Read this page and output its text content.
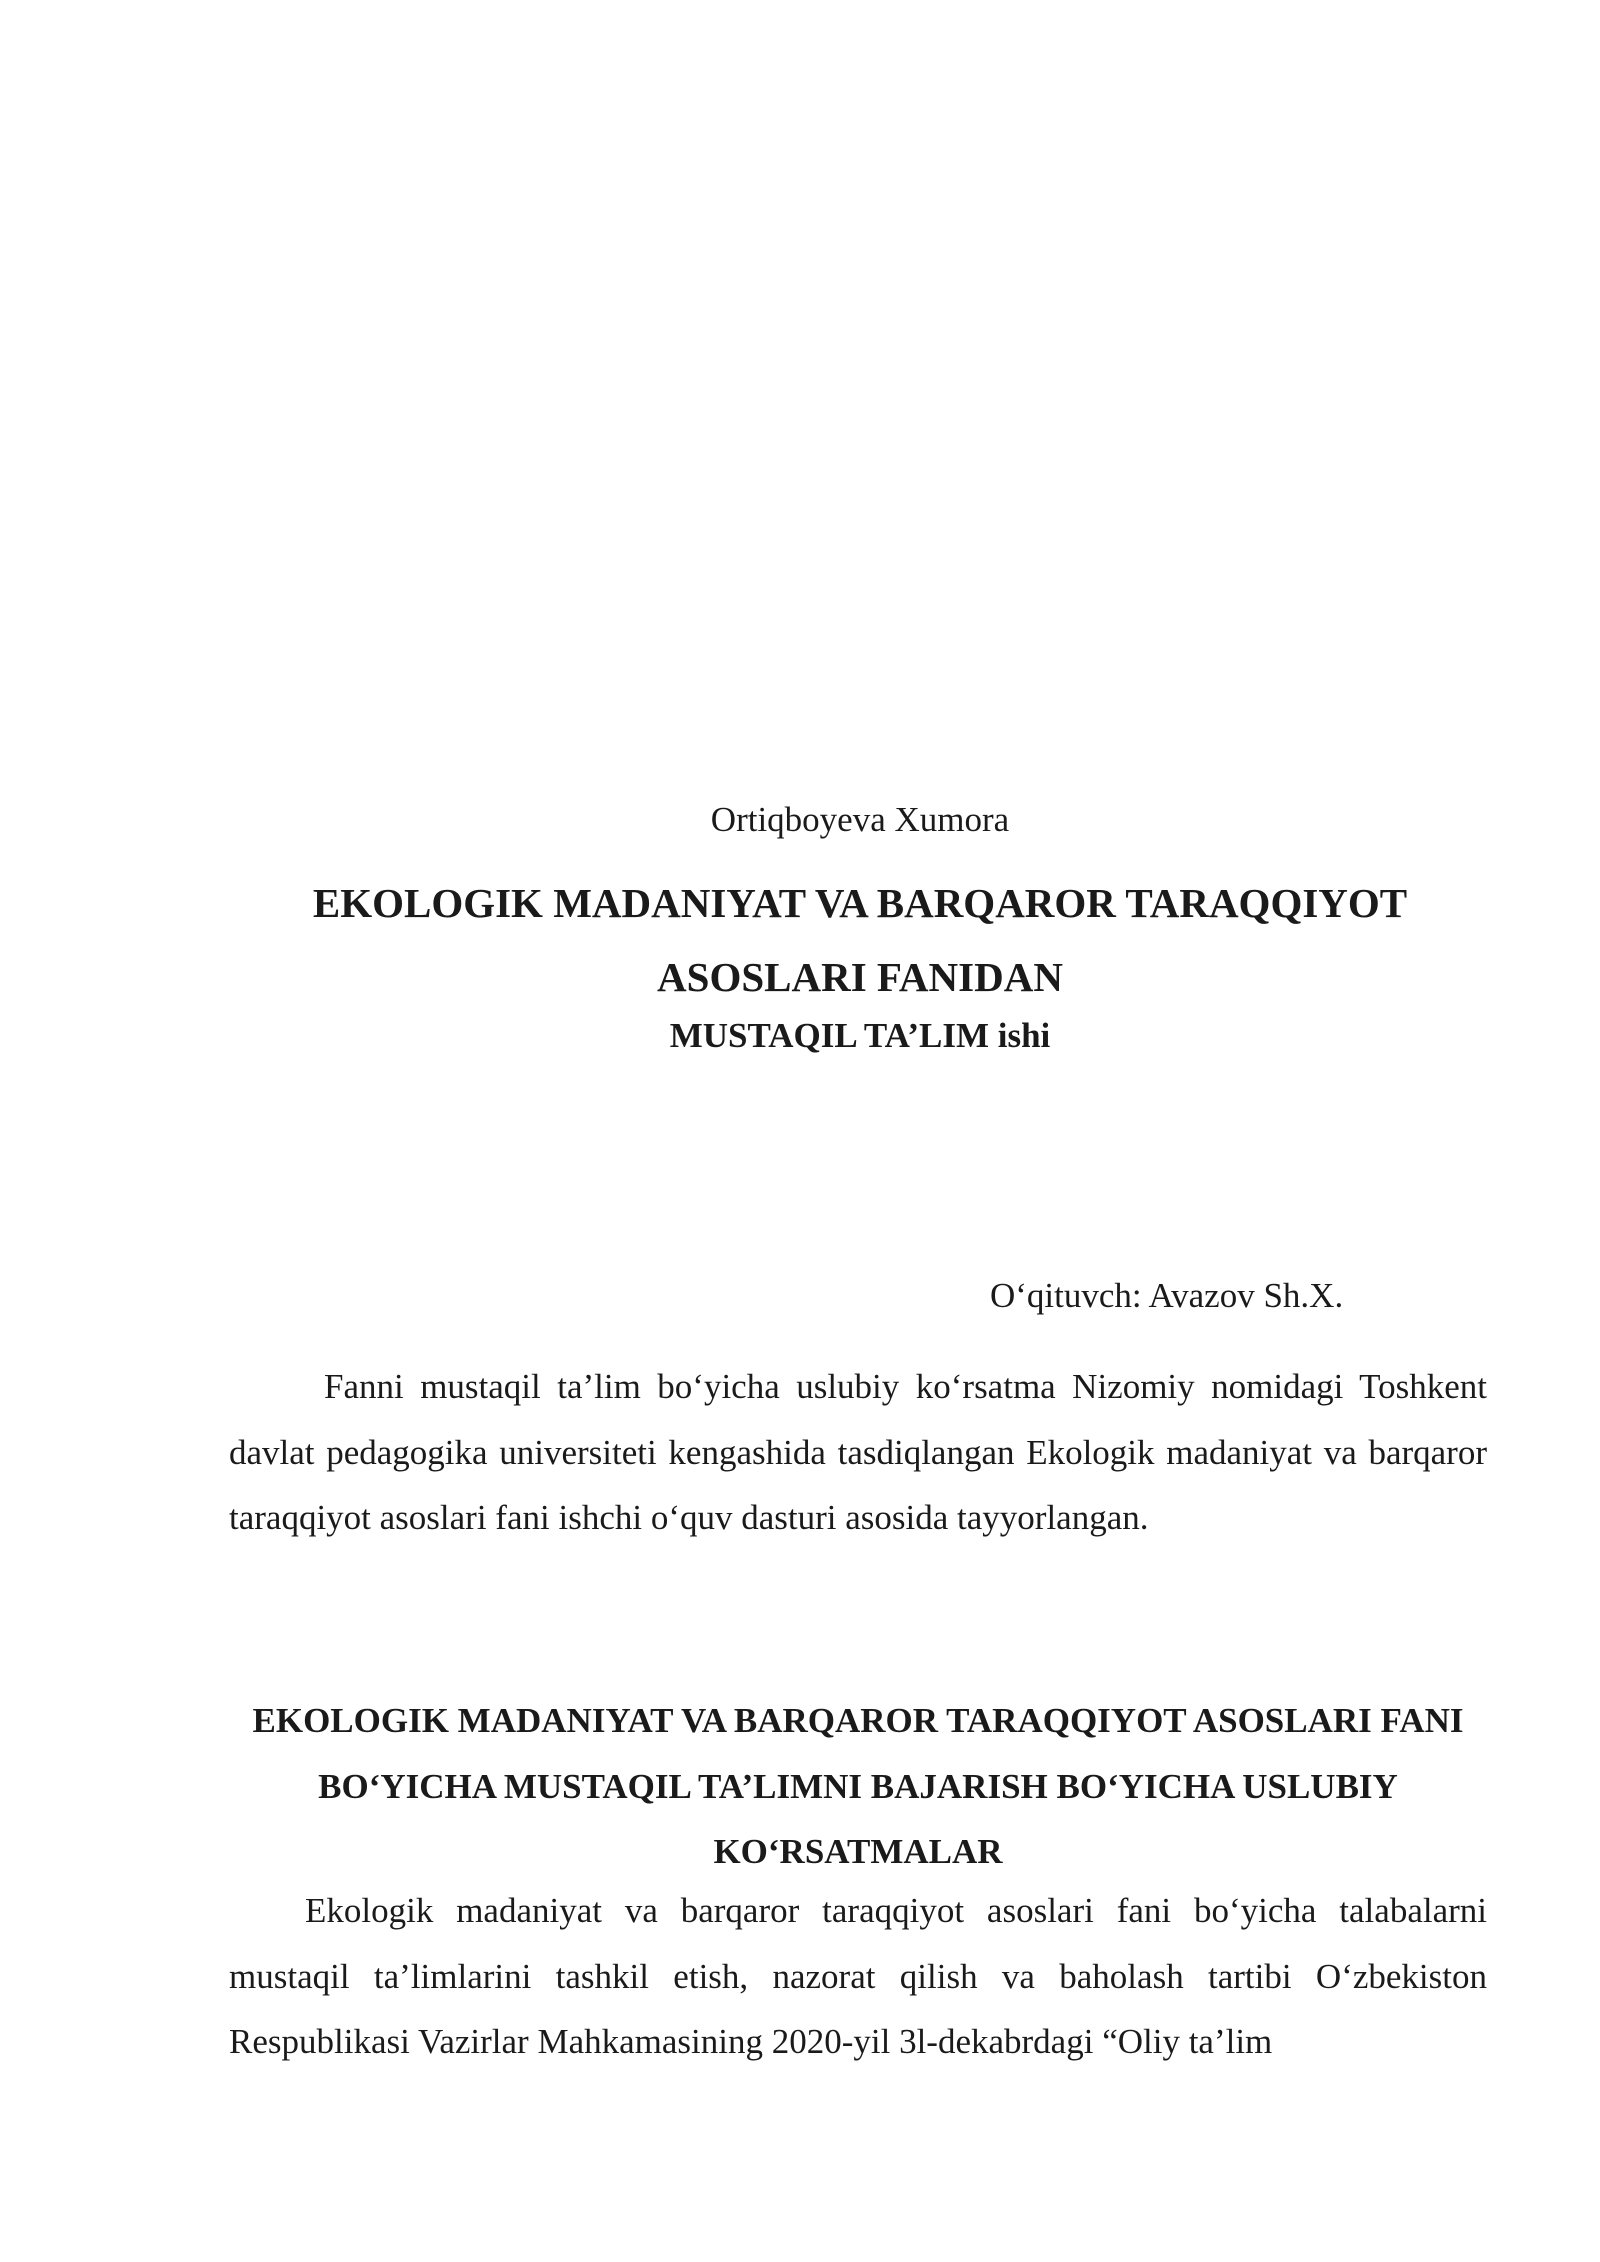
Ortiqboyeva Xumora

EKOLOGIK MADANIYAT VA BARQAROR TARAQQIYOT ASOSLARI FANIDAN

MUSTAQIL TA’LIM ishi

O‘qituvch: Avazov Sh.X.

Fanni mustaqil ta’lim bo‘yicha uslubiy ko‘rsatma Nizomiy nomidagi Toshkent davlat pedagogika universiteti kengashida tasdiqlangan Ekologik madaniyat va barqaror taraqqiyot asoslari fani ishchi o‘quv dasturi asosida tayyorlangan.

EKOLOGIK MADANIYAT VA BARQAROR TARAQQIYOT ASOSLARI FANI BO‘YICHA MUSTAQIL TA’LIMNI BAJARISH BO‘YICHA USLUBIY KO‘RSATMALAR

Ekologik madaniyat va barqaror taraqqiyot asoslari fani bo‘yicha talabalarni mustaqil ta’limlarini tashkil etish, nazorat qilish va baholash tartibi O‘zbekiston Respublikasi Vazirlar Mahkamasining 2020-yil 3l-dekabrdagi “Oliy ta’lim
